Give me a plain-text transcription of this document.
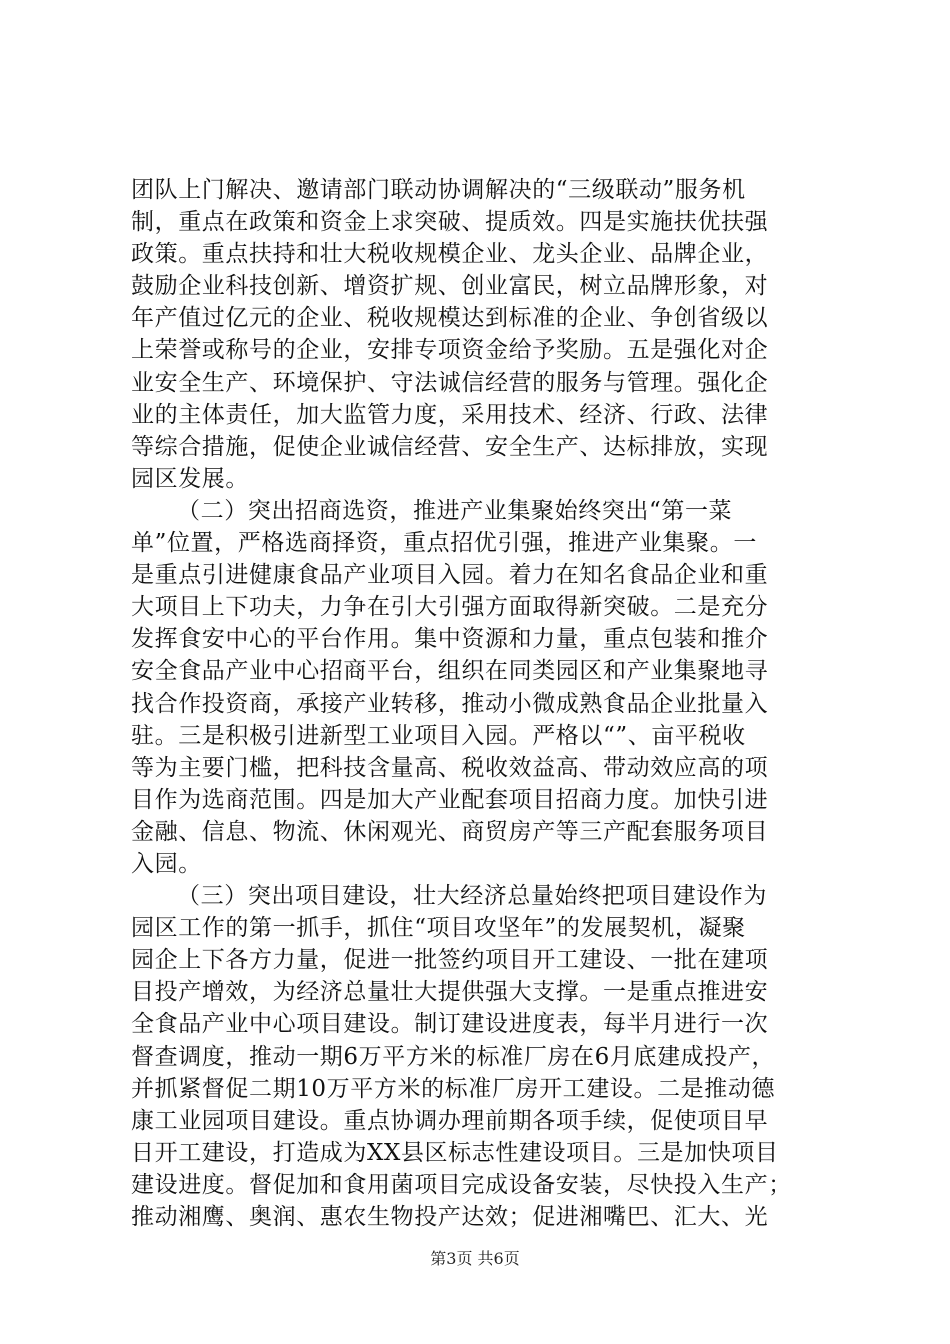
团队上门解决、邀请部门联动协调解决的“三级联动”服务机
制，重点在政策和资金上求突破、提质效。四是实施扶优扶强
政策。重点扶持和壮大税收规模企业、龙头企业、品牌企业，
鼓励企业科技创新、增资扩规、创业富民，树立品牌形象，对
年产值过亿元的企业、税收规模达到标准的企业、争创省级以
上荣誉或称号的企业，安排专项资金给予奖励。五是强化对企
业安全生产、环境保护、守法诚信经营的服务与管理。强化企
业的主体责任，加大监管力度，采用技术、经济、行政、法律
等综合措施，促使企业诚信经营、安全生产、达标排放，实现
园区发展。
（二）突出招商选资，推进产业集聚始终突出“第一菜
单”位置，严格选商择资，重点招优引强，推进产业集聚。一
是重点引进健康食品产业项目入园。着力在知名食品企业和重
大项目上下功夫，力争在引大引强方面取得新突破。二是充分
发挥食安中心的平台作用。集中资源和力量，重点包装和推介
安全食品产业中心招商平台，组织在同类园区和产业集聚地寻
找合作投资商，承接产业转移，推动小微成熟食品企业批量入
驻。三是积极引进新型工业项目入园。严格以“”、亩平税收
等为主要门槛，把科技含量高、税收效益高、带动效应高的项
目作为选商范围。四是加大产业配套项目招商力度。加快引进
金融、信息、物流、休闲观光、商贸房产等三产配套服务项目
入园。
（三）突出项目建设，壮大经济总量始终把项目建设作为
园区工作的第一抓手，抓住“项目攻坚年”的发展契机，凝聚
园企上下各方力量，促进一批签约项目开工建设、一批在建项
目投产增效，为经济总量壮大提供强大支撑。一是重点推进安
全食品产业中心项目建设。制订建设进度表，每半月进行一次
督查调度，推动一期6万平方米的标准厂房在6月底建成投产，
并抓紧督促二期10万平方米的标准厂房开工建设。二是推动德
康工业园项目建设。重点协调办理前期各项手续，促使项目早
日开工建设，打造成为XX县区标志性建设项目。三是加快项目
建设进度。督促加和食用菌项目完成设备安装，尽快投入生产；
推动湘鹰、奥润、惠农生物投产达效；促进湘嘴巴、汇大、光
第3页 共6页
